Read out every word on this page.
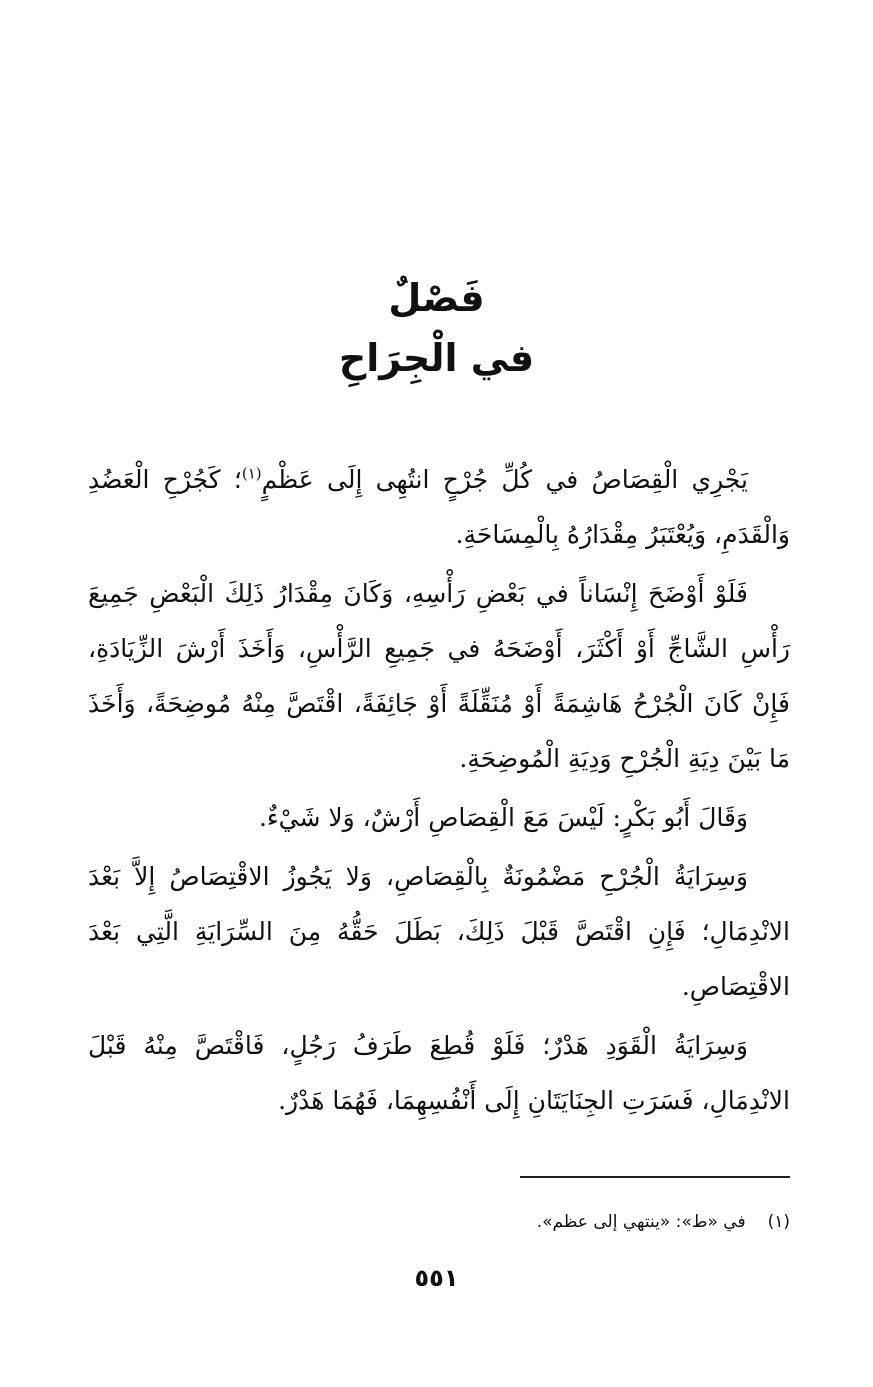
فَصْلٌ
في الْجِرَاحِ

يَجْرِي الْقِصَاصُ في كُلِّ جُرْحٍ انتُهِى إِلَى عَظْمٍ$^{(١)}$؛ كَجُرْحِ الْعَضُدِ وَالْقَدَمِ، وَيُعْتَبَرُ مِقْدَارُهُ بِالْمِسَاحَةِ.

فَلَوْ أَوْضَحَ إِنْسَاناً في بَعْضِ رَأْسِهِ، وَكَانَ مِقْدَارُ ذَلِكَ الْبَعْضِ جَمِيعَ رَأْسِ الشَّاجِّ أَوْ أَكْثَرَ، أَوْضَحَهُ في جَمِيعِ الرَّأْسِ، وَأَخَذَ أَرْشَ الزِّيَادَةِ، فَإِنْ كَانَ الْجُرْحُ هَاشِمَةً أَوْ مُنَقِّلَةً أَوْ جَائِفَةً، اقْتَصَّ مِنْهُ مُوضِحَةً، وَأَخَذَ مَا بَيْنَ دِيَةِ الْجُرْحِ وَدِيَةِ الْمُوضِحَةِ.

وَقَالَ أَبُو بَكْرٍ: لَيْسَ مَعَ الْقِصَاصِ أَرْشٌ، وَلا شَيْءٌ.

وَسِرَايَةُ الْجُرْحِ مَضْمُونَةٌ بِالْقِصَاصِ، وَلا يَجُوزُ الاقْتِصَاصُ إِلاَّ بَعْدَ الانْدِمَالِ؛ فَإِنِ اقْتَصَّ قَبْلَ ذَلِكَ، بَطَلَ حَقُّهُ مِنَ السِّرَايَةِ الَّتِي بَعْدَ الاقْتِصَاصِ.

وَسِرَايَةُ الْقَوَدِ هَدْرٌ؛ فَلَوْ قُطِعَ طَرَفُ رَجُلٍ، فَاقْتَصَّ مِنْهُ قَبْلَ الانْدِمَالِ، فَسَرَتِ الجِنَايَتَانِ إِلَى أَنْفُسِهِمَا، فَهُمَا هَدْرٌ.

(١)في «ط»: «ينتهي إلى عظم».
٥٥١
